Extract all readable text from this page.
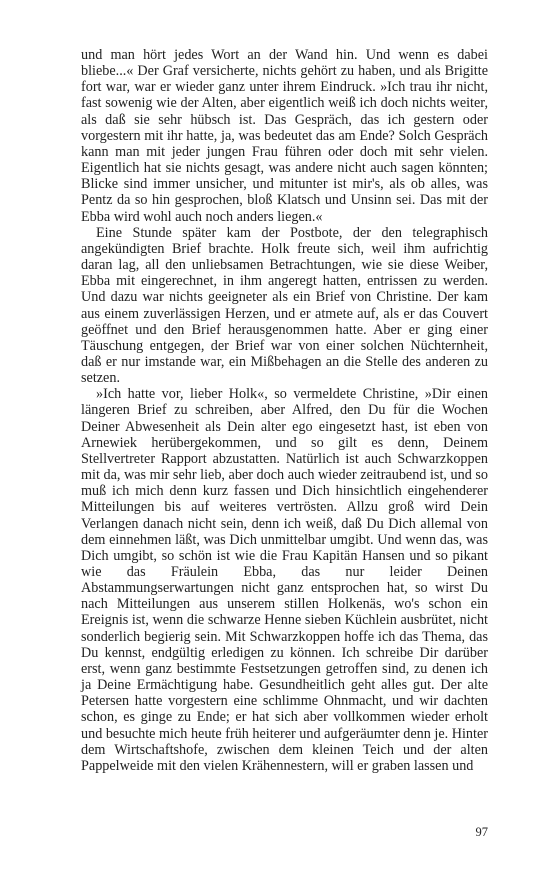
und man hört jedes Wort an der Wand hin. Und wenn es dabei bliebe...« Der Graf versicherte, nichts gehört zu haben, und als Brigitte fort war, war er wieder ganz unter ihrem Eindruck. »Ich trau ihr nicht, fast sowenig wie der Alten, aber eigentlich weiß ich doch nichts weiter, als daß sie sehr hübsch ist. Das Gespräch, das ich gestern oder vorgestern mit ihr hatte, ja, was bedeutet das am Ende? Solch Gespräch kann man mit jeder jungen Frau führen oder doch mit sehr vielen. Eigentlich hat sie nichts gesagt, was andere nicht auch sagen könnten; Blicke sind immer unsicher, und mitunter ist mir's, als ob alles, was Pentz da so hin gesprochen, bloß Klatsch und Unsinn sei. Das mit der Ebba wird wohl auch noch anders liegen.«

Eine Stunde später kam der Postbote, der den telegraphisch angekündigten Brief brachte. Holk freute sich, weil ihm aufrichtig daran lag, all den unliebsamen Betrachtungen, wie sie diese Weiber, Ebba mit eingerechnet, in ihm angeregt hatten, entrissen zu werden. Und dazu war nichts geeigneter als ein Brief von Christine. Der kam aus einem zuverlässigen Herzen, und er atmete auf, als er das Couvert geöffnet und den Brief herausgenommen hatte. Aber er ging einer Täuschung entgegen, der Brief war von einer solchen Nüchternheit, daß er nur imstande war, ein Mißbehagen an die Stelle des anderen zu setzen.

»Ich hatte vor, lieber Holk«, so vermeldete Christine, »Dir einen längeren Brief zu schreiben, aber Alfred, den Du für die Wochen Deiner Abwesenheit als Dein alter ego eingesetzt hast, ist eben von Arnewiek herübergekommen, und so gilt es denn, Deinem Stellvertreter Rapport abzustatten. Natürlich ist auch Schwarzkoppen mit da, was mir sehr lieb, aber doch auch wieder zeitraubend ist, und so muß ich mich denn kurz fassen und Dich hinsichtlich eingehenderer Mitteilungen bis auf weiteres vertrösten. Allzu groß wird Dein Verlangen danach nicht sein, denn ich weiß, daß Du Dich allemal von dem einnehmen läßt, was Dich unmittelbar umgibt. Und wenn das, was Dich umgibt, so schön ist wie die Frau Kapitän Hansen und so pikant wie das Fräulein Ebba, das nur leider Deinen Abstammungserwartungen nicht ganz entsprochen hat, so wirst Du nach Mitteilungen aus unserem stillen Holkenäs, wo's schon ein Ereignis ist, wenn die schwarze Henne sieben Küchlein ausbrütet, nicht sonderlich begierig sein. Mit Schwarzkoppen hoffe ich das Thema, das Du kennst, endgültig erledigen zu können. Ich schreibe Dir darüber erst, wenn ganz bestimmte Festsetzungen getroffen sind, zu denen ich ja Deine Ermächtigung habe. Gesundheitlich geht alles gut. Der alte Petersen hatte vorgestern eine schlimme Ohnmacht, und wir dachten schon, es ginge zu Ende; er hat sich aber vollkommen wieder erholt und besuchte mich heute früh heiterer und aufgeräumter denn je. Hinter dem Wirtschaftshofe, zwischen dem kleinen Teich und der alten Pappelweide mit den vielen Krähennestern, will er graben lassen und

97
